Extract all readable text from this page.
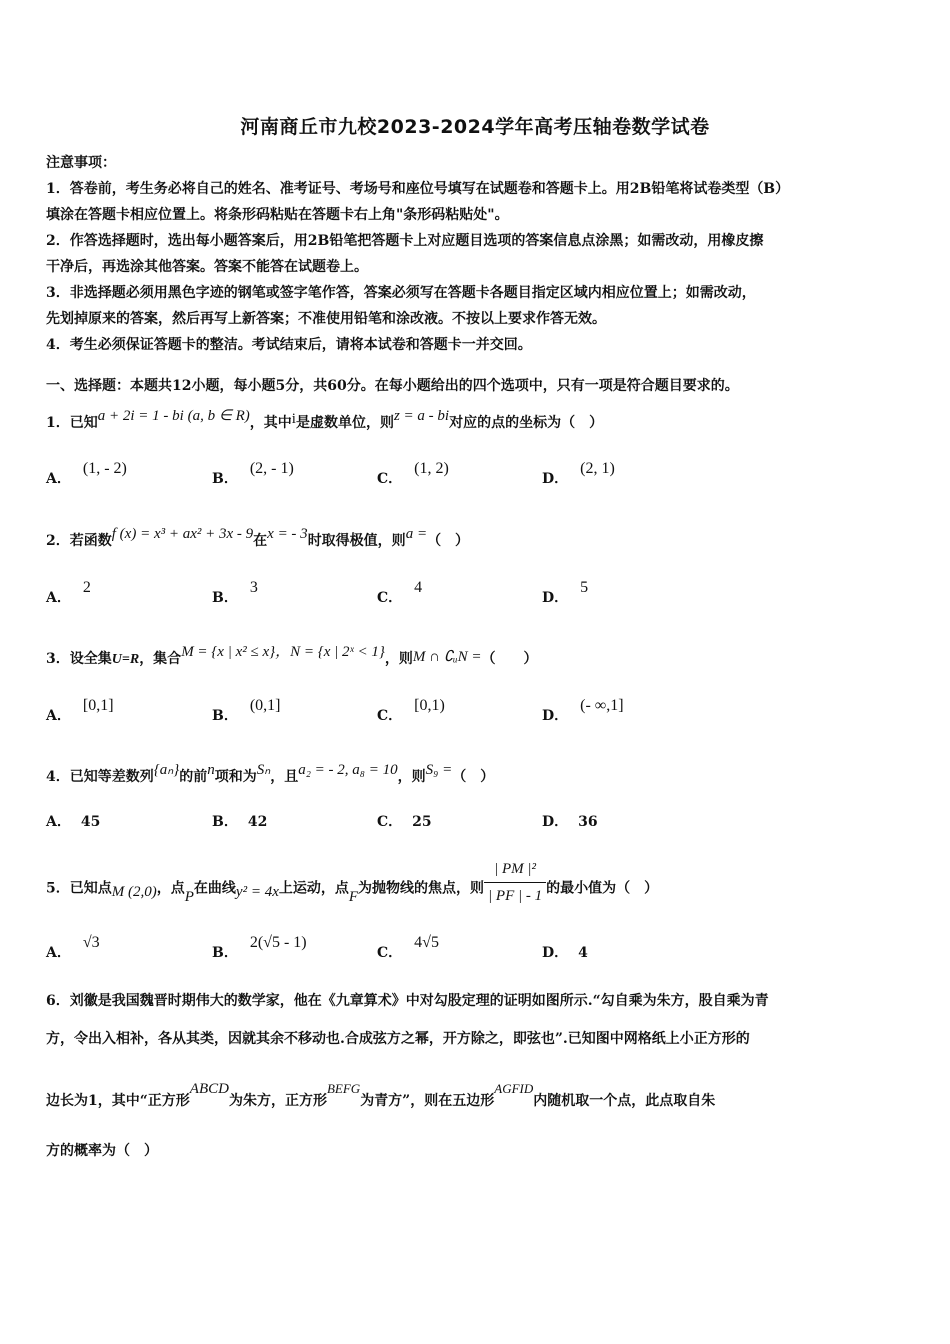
河南商丘市九校2023-2024学年高考压轴卷数学试卷

注意事项：

1．答卷前，考生务必将自己的姓名、准考证号、考场号和座位号填写在试题卷和答题卡上。用2B铅笔将试卷类型（B）

填涂在答题卡相应位置上。将条形码粘贴在答题卡右上角"条形码粘贴处"。

2．作答选择题时，选出每小题答案后，用2B铅笔把答题卡上对应题目选项的答案信息点涂黑；如需改动，用橡皮擦

干净后，再选涂其他答案。答案不能答在试题卷上。

3．非选择题必须用黑色字迹的钢笔或签字笔作答，答案必须写在答题卡各题目指定区域内相应位置上；如需改动，

先划掉原来的答案，然后再写上新答案；不准使用铅笔和涂改液。不按以上要求作答无效。

4．考生必须保证答题卡的整洁。考试结束后，请将本试卷和答题卡一并交回。

一、选择题：本题共12小题，每小题5分，共60分。在每小题给出的四个选项中，只有一项是符合题目要求的。
1．已知a + 2i = 1 - bi (a, b ∈ R)，其中i是虚数单位，则z = a - bi对应的点的坐标为（　）
A．(1, - 2)
B．(2, - 1)
C．(1, 2)
D．(2, 1)
2．若函数f (x) = x³ + ax² + 3x - 9在x = - 3时取得极值，则a =（　）
A．2
B．3
C．4
D．5
3．设全集U=R，集合M = {x | x² ≤ x}，N = {x | 2ˣ < 1}，则M ∩ ∁ᵤN =（　　）
A．[0,1]
B．(0,1]
C．[0,1)
D．(- ∞,1]
4．已知等差数列{aₙ}的前n项和为Sₙ，且a₂ = - 2, a₈ = 10，则S₉ =（　）
A． 45	B． 42	C． 25	D． 36
5．已知点M (2,0)，点P在曲线y² = 4x上运动，点F为抛物线的焦点，则 $\frac{\text{| PM |²}}{| PF | - 1}$ 的最小值为（　）
A．√3
B．2(√5 - 1)
C．4√5
D． 4
6．刘徽是我国魏晋时期伟大的数学家，他在《九章算术》中对勾股定理的证明如图所示.“勾自乘为朱方，股自乘为青
方，令出入相补，各从其类，因就其余不移动也.合成弦方之幂，开方除之，即弦也”.已知图中网格纸上小正方形的
边长为1，其中“正方形ABCD为朱方，正方形BEFG为青方”，则在五边形AGFID内随机取一个点，此点取自朱
方的概率为（　）
